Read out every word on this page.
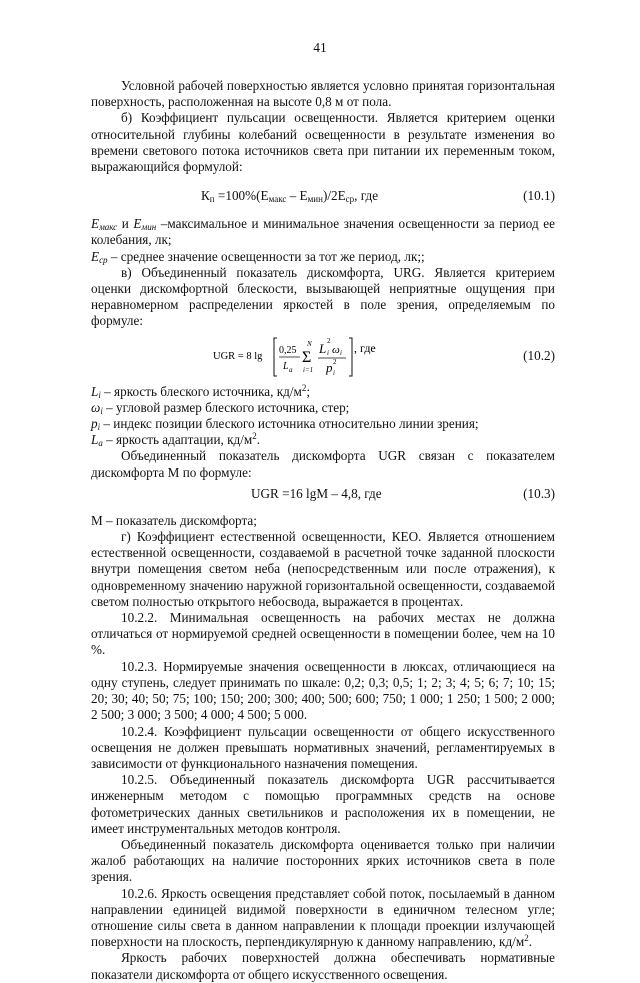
41

Условной рабочей поверхностью является условно принятая горизонтальная поверхность, расположенная на высоте 0,8 м от пола.

б) Коэффициент пульсации освещенности. Является критерием оценки относительной глубины колебаний освещенности в результате изменения во времени светового потока источников света при питании их переменным током, выражающийся формулой:

$К_п =100\%(Е_{макс} - Е_{мин})/2Е_{ср}$, где	(10.1)

$Е_{макс}$ и $Е_{мин}$ –максимальное и минимальное значения освещенности за период ее колебания, лк;

$Е_{ср}$ – среднее значение освещенности за тот же период, лк;;

в) Объединенный показатель дискомфорта, URG. Является критерием оценки дискомфортной блескости, вызывающей неприятные ощущения при неравномерном распределении яркостей в поле зрения, определяемым по формуле:

UGR = 8 lg
0,25
L a
N
Σ
i=1
L i
2
ω i
p i
2
, где	(10.2)

$L_i$ – яркость блеского источника, $кд/м^2$;

$\omega_i$ – угловой размер блеского источника, стер;

$p_i$ – индекс позиции блеского источника относительно линии зрения;

$L_a$ – яркость адаптации, $кд/м^2$.

Объединенный показатель дискомфорта UGR связан с показателем дискомфорта M по формуле:

UGR =16 lgM – 4,8, где	(10.3)

М – показатель дискомфорта;

г) Коэффициент естественной освещенности, КЕО. Является отношением естественной освещенности, создаваемой в расчетной точке заданной плоскости внутри помещения светом неба (непосредственным или после отражения), к одновременному значению наружной горизонтальной освещенности, создаваемой светом полностью открытого небосвода, выражается в процентах.

10.2.2. Минимальная освещенность на рабочих местах не должна отличаться от нормируемой средней освещенности в помещении более, чем на 10 %.

10.2.3. Нормируемые значения освещенности в люксах, отличающиеся на одну ступень, следует принимать по шкале: 0,2; 0,3; 0,5; 1; 2; 3; 4; 5; 6; 7; 10; 15; 20; 30; 40; 50; 75; 100; 150; 200; 300; 400; 500; 600; 750; 1 000; 1 250; 1 500; 2 000; 2 500; 3 000; 3 500; 4 000; 4 500; 5 000.

10.2.4. Коэффициент пульсации освещенности от общего искусственного освещения не должен превышать нормативных значений, регламентируемых в зависимости от функционального назначения помещения.

10.2.5. Объединенный показатель дискомфорта UGR рассчитывается инженерным методом с помощью программных средств на основе фотометрических данных светильников и расположения их в помещении, не имеет инструментальных методов контроля.

Объединенный показатель дискомфорта оценивается только при наличии жалоб работающих на наличие посторонних ярких источников света в поле зрения.

10.2.6. Яркость освещения представляет собой поток, посылаемый в данном направлении единицей видимой поверхности в единичном телесном угле; отношение силы света в данном направлении к площади проекции излучающей поверхности на плоскость, перпендикулярную к данному направлению, $кд/м^2$.

Яркость рабочих поверхностей должна обеспечивать нормативные показатели дискомфорта от общего искусственного освещения.
